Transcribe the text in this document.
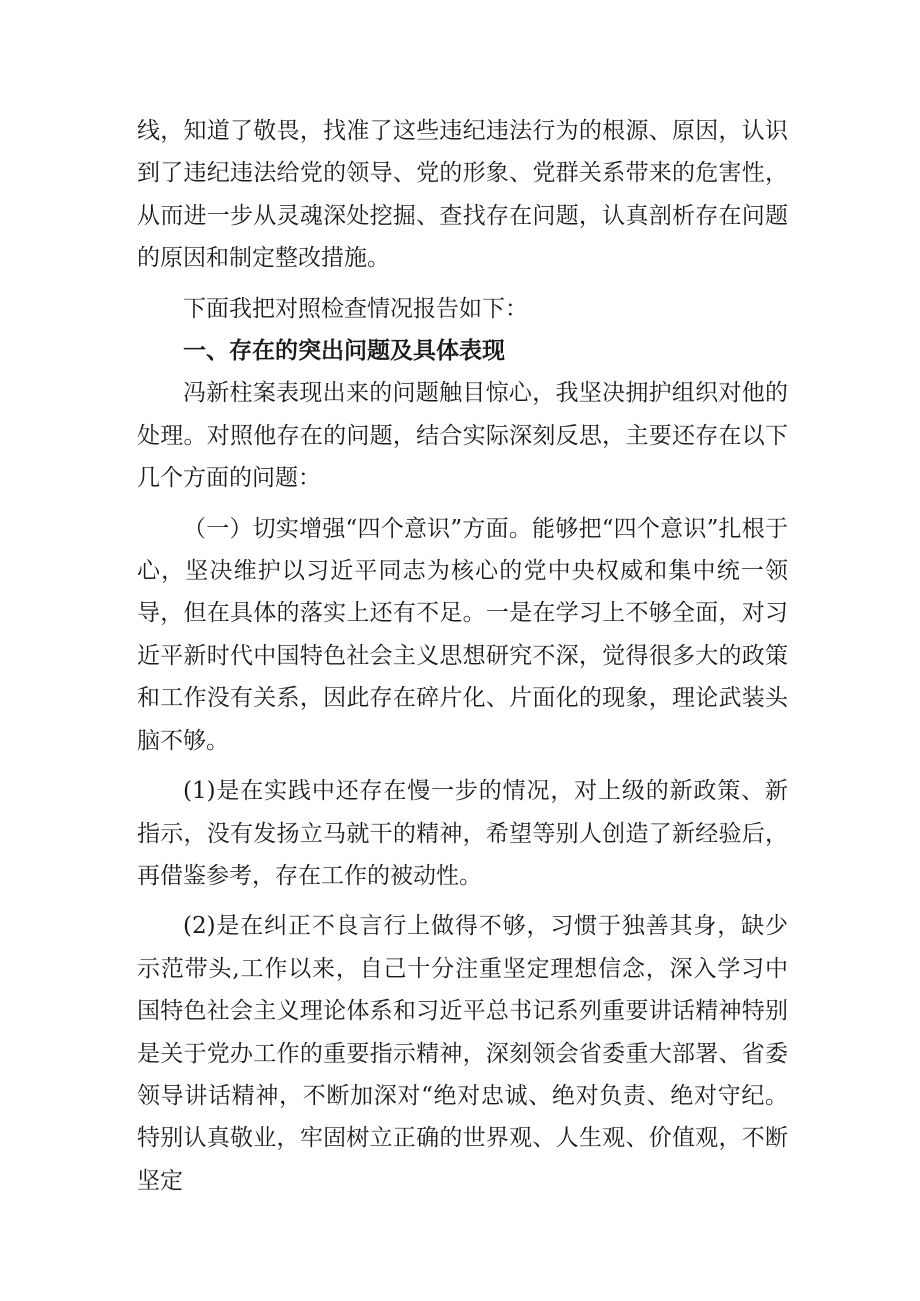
线，知道了敬畏，找准了这些违纪违法行为的根源、原因，认识到了违纪违法给党的领导、党的形象、党群关系带来的危害性，从而进一步从灵魂深处挖掘、查找存在问题，认真剖析存在问题的原因和制定整改措施。

下面我把对照检查情况报告如下：

一、存在的突出问题及具体表现

冯新柱案表现出来的问题触目惊心，我坚决拥护组织对他的处理。对照他存在的问题，结合实际深刻反思，主要还存在以下几个方面的问题：

（一）切实增强“四个意识”方面。能够把“四个意识”扎根于心，坚决维护以习近平同志为核心的党中央权威和集中统一领导，但在具体的落实上还有不足。一是在学习上不够全面，对习近平新时代中国特色社会主义思想研究不深，觉得很多大的政策和工作没有关系，因此存在碎片化、片面化的现象，理论武装头脑不够。

(1)是在实践中还存在慢一步的情况，对上级的新政策、新指示，没有发扬立马就干的精神，希望等别人创造了新经验后，再借鉴参考，存在工作的被动性。

(2)是在纠正不良言行上做得不够，习惯于独善其身，缺少示范带头,工作以来，自己十分注重坚定理想信念，深入学习中国特色社会主义理论体系和习近平总书记系列重要讲话精神特别是关于党办工作的重要指示精神，深刻领会省委重大部署、省委领导讲话精神，不断加深对“绝对忠诚、绝对负责、绝对守纪。特别认真敬业，牢固树立正确的世界观、人生观、价值观，不断坚定
